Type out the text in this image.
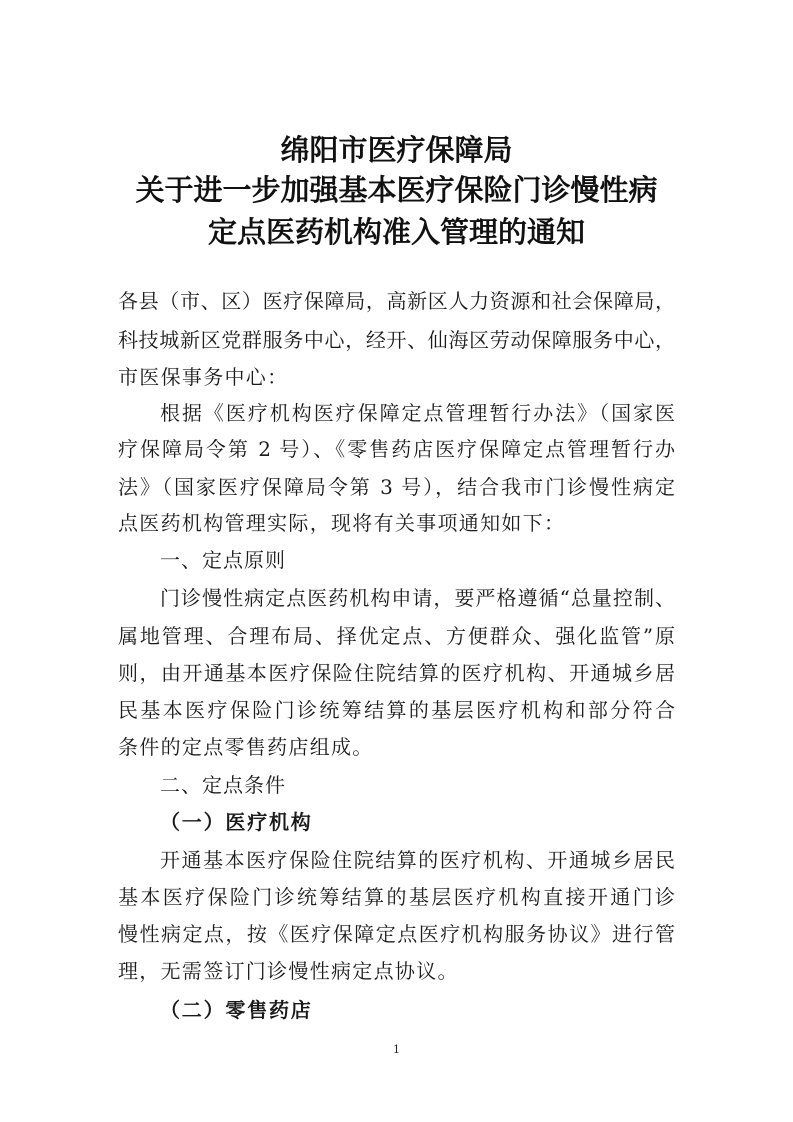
绵阳市医疗保障局
关于进一步加强基本医疗保险门诊慢性病
定点医药机构准入管理的通知
各县（市、区）医疗保障局，高新区人力资源和社会保障局，
科技城新区党群服务中心，经开、仙海区劳动保障服务中心，
市医保事务中心：
根据《医疗机构医疗保障定点管理暂行办法》（国家医
疗保障局令第 2 号）、《零售药店医疗保障定点管理暂行办
法》（国家医疗保障局令第 3 号），结合我市门诊慢性病定
点医药机构管理实际，现将有关事项通知如下：
一、定点原则
门诊慢性病定点医药机构申请，要严格遵循“总量控制、
属地管理、合理布局、择优定点、方便群众、强化监管”原
则，由开通基本医疗保险住院结算的医疗机构、开通城乡居
民基本医疗保险门诊统筹结算的基层医疗机构和部分符合
条件的定点零售药店组成。
二、定点条件
（一）医疗机构
开通基本医疗保险住院结算的医疗机构、开通城乡居民
基本医疗保险门诊统筹结算的基层医疗机构直接开通门诊
慢性病定点，按《医疗保障定点医疗机构服务协议》进行管
理，无需签订门诊慢性病定点协议。
（二）零售药店
1
